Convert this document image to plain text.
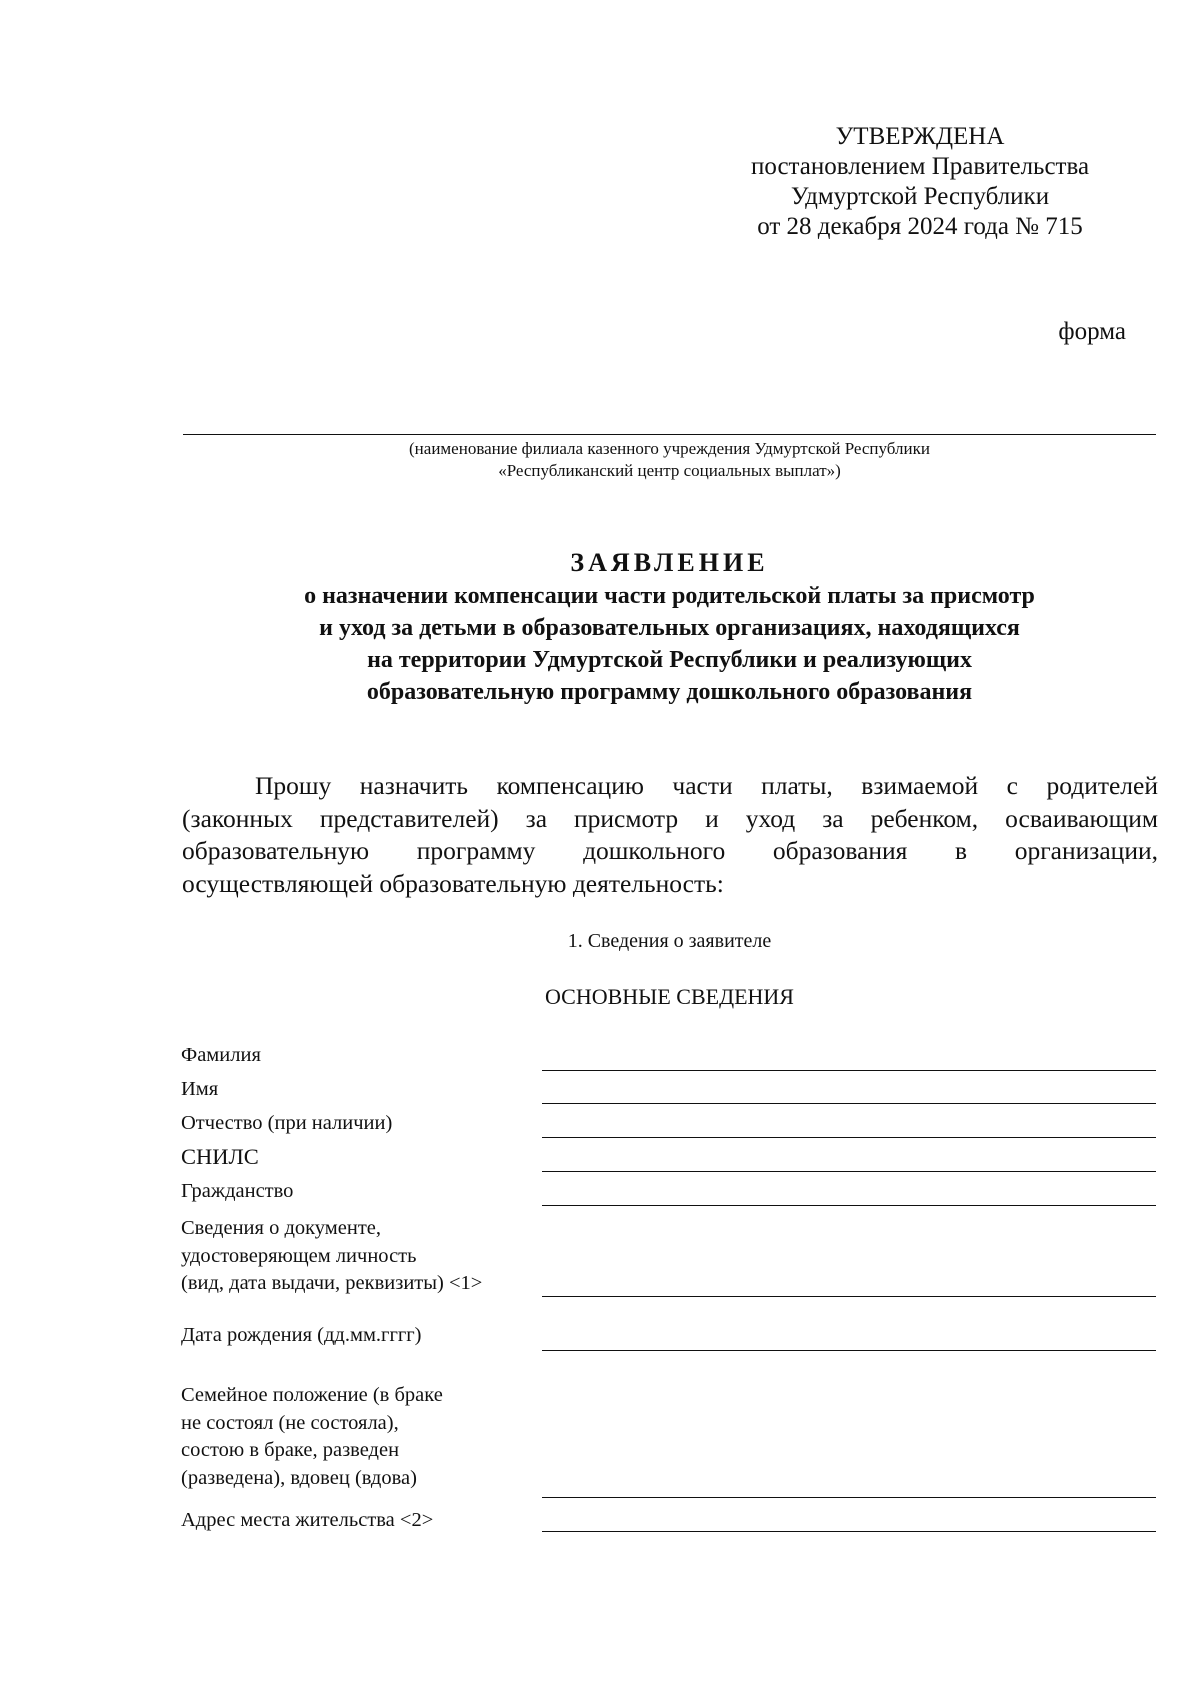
УТВЕРЖДЕНА
постановлением Правительства
Удмуртской Республики
от 28 декабря 2024 года № 715
форма
(наименование филиала казенного учреждения Удмуртской Республики
«Республиканский центр социальных выплат»)
ЗАЯВЛЕНИЕ
о назначении компенсации части родительской платы за присмотр
и уход за детьми в образовательных организациях, находящихся
на территории Удмуртской Республики и реализующих
образовательную программу дошкольного образования
Прошу назначить компенсацию части платы, взимаемой с родителей
(законных представителей) за присмотр и уход за ребенком, осваивающим
образовательную программу дошкольного образования в организации,
осуществляющей образовательную деятельность:
1. Сведения о заявителе
ОСНОВНЫЕ СВЕДЕНИЯ
Фамилия
Имя
Отчество (при наличии)
СНИЛС
Гражданство
Сведения о документе,
удостоверяющем личность
(вид, дата выдачи, реквизиты) <1>
Дата рождения (дд.мм.гггг)
Семейное положение (в браке
не состоял (не состояла),
состою в браке, разведен
(разведена), вдовец (вдова)
Адрес места жительства <2>
